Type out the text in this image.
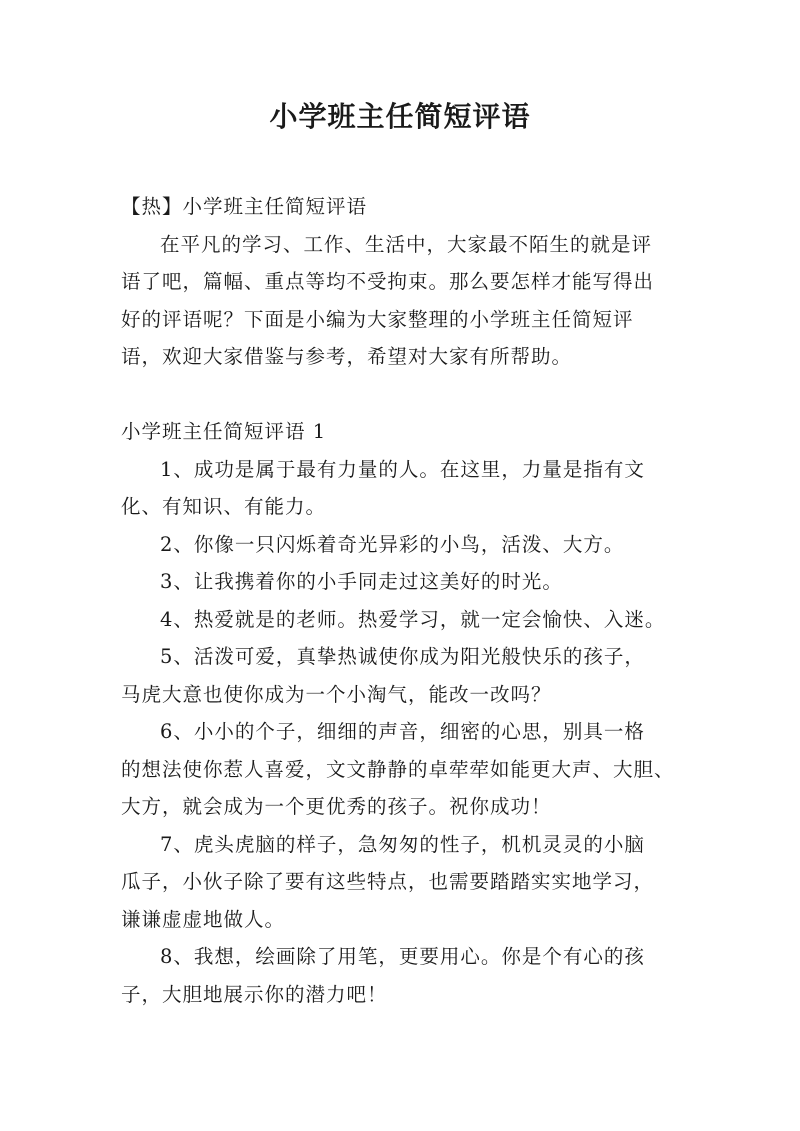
小学班主任简短评语
【热】小学班主任简短评语
在平凡的学习、工作、生活中，大家最不陌生的就是评
语了吧，篇幅、重点等均不受拘束。那么要怎样才能写得出
好的评语呢？下面是小编为大家整理的小学班主任简短评
语，欢迎大家借鉴与参考，希望对大家有所帮助。
小学班主任简短评语 1
1、成功是属于最有力量的人。在这里，力量是指有文
化、有知识、有能力。
2、你像一只闪烁着奇光异彩的小鸟，活泼、大方。
3、让我携着你的小手同走过这美好的时光。
4、热爱就是的老师。热爱学习，就一定会愉快、入迷。
5、活泼可爱，真挚热诚使你成为阳光般快乐的孩子，
马虎大意也使你成为一个小淘气，能改一改吗？
6、小小的个子，细细的声音，细密的心思，别具一格
的想法使你惹人喜爱，文文静静的卓荦荦如能更大声、大胆、
大方，就会成为一个更优秀的孩子。祝你成功！
7、虎头虎脑的样子，急匆匆的性子，机机灵灵的小脑
瓜子，小伙子除了要有这些特点，也需要踏踏实实地学习，
谦谦虚虚地做人。
8、我想，绘画除了用笔，更要用心。你是个有心的孩
子，大胆地展示你的潜力吧！
